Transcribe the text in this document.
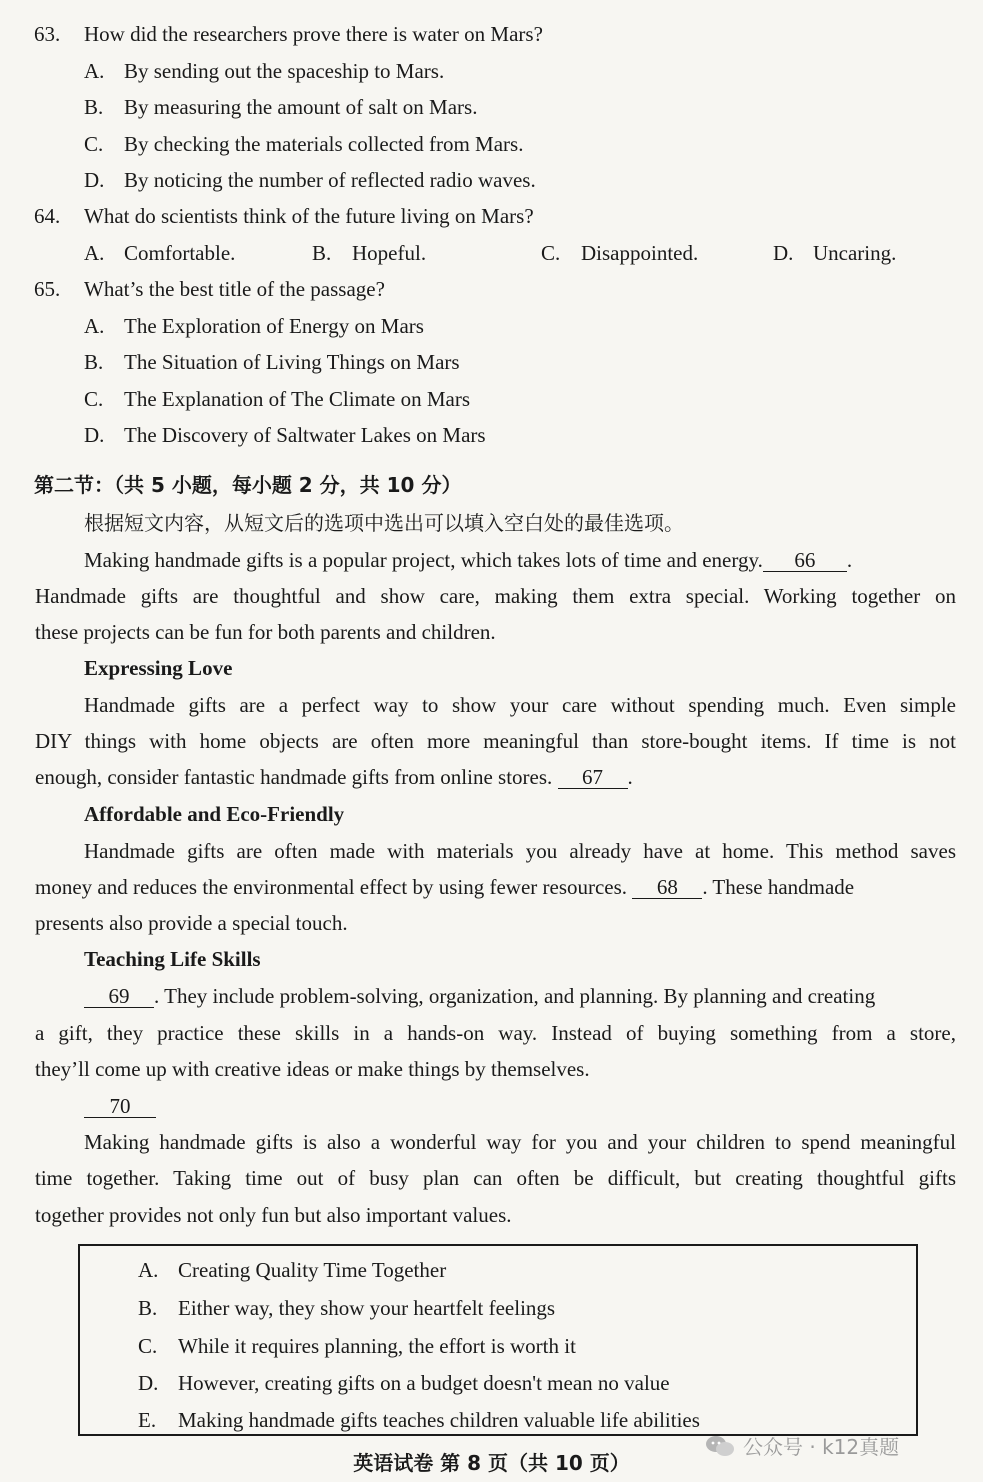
63. How did the researchers prove there is water on Mars?
A. By sending out the spaceship to Mars.
B. By measuring the amount of salt on Mars.
C. By checking the materials collected from Mars.
D. By noticing the number of reflected radio waves.
64. What do scientists think of the future living on Mars?
A. Comfortable.	B. Hopeful.	C. Disappointed.	D. Uncaring.
65. What’s the best title of the passage?
A. The Exploration of Energy on Mars
B. The Situation of Living Things on Mars
C. The Explanation of The Climate on Mars
D. The Discovery of Saltwater Lakes on Mars
第二节：（共 5 小题，每小题 2 分，共 10 分）
根据短文内容，从短文后的选项中选出可以填入空白处的最佳选项。
Making handmade gifts is a popular project, which takes lots of time and energy. 66 .
Handmade gifts are thoughtful and show care, making them extra special. Working together on
these projects can be fun for both parents and children.
Expressing Love
Handmade gifts are a perfect way to show your care without spending much. Even simple
DIY things with home objects are often more meaningful than store-bought items. If time is not
enough, consider fantastic handmade gifts from online stores. 67 .
Affordable and Eco-Friendly
Handmade gifts are often made with materials you already have at home. This method saves
money and reduces the environmental effect by using fewer resources. 68 . These handmade
presents also provide a special touch.
Teaching Life Skills
69 . They include problem-solving, organization, and planning. By planning and creating
a gift, they practice these skills in a hands-on way. Instead of buying something from a store,
they’ll come up with creative ideas or make things by themselves.
70
Making handmade gifts is also a wonderful way for you and your children to spend meaningful
time together. Taking time out of busy plan can often be difficult, but creating thoughtful gifts
together provides not only fun but also important values.
A. Creating Quality Time Together
B. Either way, they show your heartfelt feelings
C. While it requires planning, the effort is worth it
D. However, creating gifts on a budget doesn't mean no value
E. Making handmade gifts teaches children valuable life abilities
英语试卷 第 8 页（共 10 页）
公众号 · k12真题
